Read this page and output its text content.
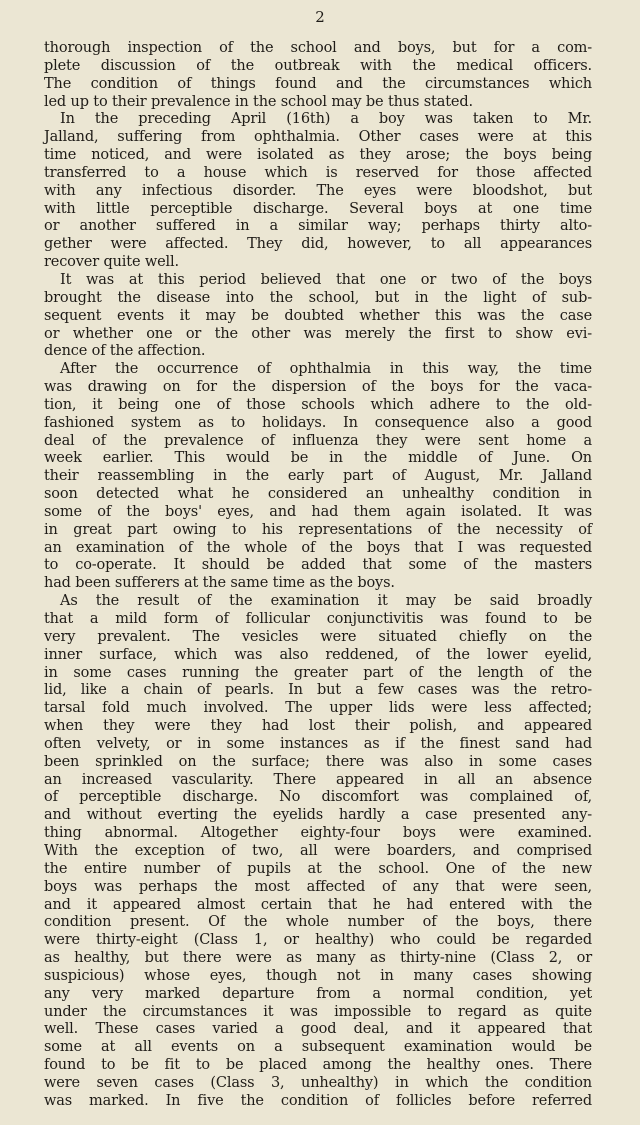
2
thorough inspection of the school and boys, but for a com-
plete discussion of the outbreak with the medical officers.
The condition of things found and the circumstances which
led up to their prevalence in the school may be thus stated.
In the preceding April (16th) a boy was taken to Mr.
Jalland, suffering from ophthalmia. Other cases were at this
time noticed, and were isolated as they arose; the boys being
transferred to a house which is reserved for those affected
with any infectious disorder. The eyes were bloodshot, but
with little perceptible discharge. Several boys at one time
or another suffered in a similar way; perhaps thirty alto-
gether were affected. They did, however, to all appearances
recover quite well.
It was at this period believed that one or two of the boys
brought the disease into the school, but in the light of sub-
sequent events it may be doubted whether this was the case
or whether one or the other was merely the first to show evi-
dence of the affection.
After the occurrence of ophthalmia in this way, the time
was drawing on for the dispersion of the boys for the vaca-
tion, it being one of those schools which adhere to the old-
fashioned system as to holidays. In consequence also a good
deal of the prevalence of influenza they were sent home a
week earlier. This would be in the middle of June. On
their reassembling in the early part of August, Mr. Jalland
soon detected what he considered an unhealthy condition in
some of the boys' eyes, and had them again isolated. It was
in great part owing to his representations of the necessity of
an examination of the whole of the boys that I was requested
to co-operate. It should be added that some of the masters
had been sufferers at the same time as the boys.
As the result of the examination it may be said broadly
that a mild form of follicular conjunctivitis was found to be
very prevalent. The vesicles were situated chiefly on the
inner surface, which was also reddened, of the lower eyelid,
in some cases running the greater part of the length of the
lid, like a chain of pearls. In but a few cases was the retro-
tarsal fold much involved. The upper lids were less affected;
when they were they had lost their polish, and appeared
often velvety, or in some instances as if the finest sand had
been sprinkled on the surface; there was also in some cases
an increased vascularity. There appeared in all an absence
of perceptible discharge. No discomfort was complained of,
and without everting the eyelids hardly a case presented any-
thing abnormal. Altogether eighty-four boys were examined.
With the exception of two, all were boarders, and comprised
the entire number of pupils at the school. One of the new
boys was perhaps the most affected of any that were seen,
and it appeared almost certain that he had entered with the
condition present. Of the whole number of the boys, there
were thirty-eight (Class 1, or healthy) who could be regarded
as healthy, but there were as many as thirty-nine (Class 2, or
suspicious) whose eyes, though not in many cases showing
any very marked departure from a normal condition, yet
under the circumstances it was impossible to regard as quite
well. These cases varied a good deal, and it appeared that
some at all events on a subsequent examination would be
found to be fit to be placed among the healthy ones. There
were seven cases (Class 3, unhealthy) in which the condition
was marked. In five the condition of follicles before referred
